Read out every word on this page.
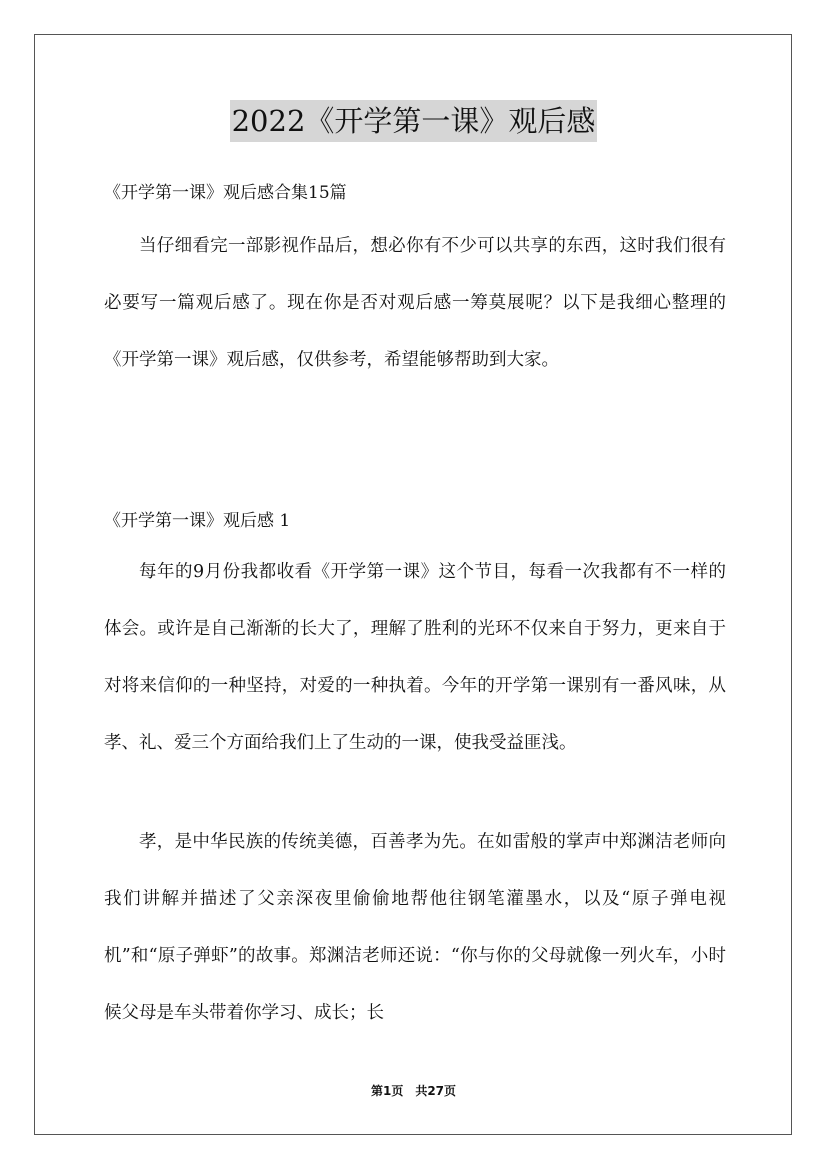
2022《开学第一课》观后感
《开学第一课》观后感合集15篇

当仔细看完一部影视作品后，想必你有不少可以共享的东西，这时我们很有必要写一篇观后感了。现在你是否对观后感一筹莫展呢？以下是我细心整理的《开学第一课》观后感，仅供参考，希望能够帮助到大家。

《开学第一课》观后感 1

每年的9月份我都收看《开学第一课》这个节目，每看一次我都有不一样的体会。或许是自己渐渐的长大了，理解了胜利的光环不仅来自于努力，更来自于对将来信仰的一种坚持，对爱的一种执着。今年的开学第一课别有一番风味，从孝、礼、爱三个方面给我们上了生动的一课，使我受益匪浅。

孝，是中华民族的传统美德，百善孝为先。在如雷般的掌声中郑渊洁老师向我们讲解并描述了父亲深夜里偷偷地帮他往钢笔灌墨水，以及“原子弹电视机”和“原子弹虾”的故事。郑渊洁老师还说：“你与你的父母就像一列火车，小时候父母是车头带着你学习、成长；长

第1页　共27页
